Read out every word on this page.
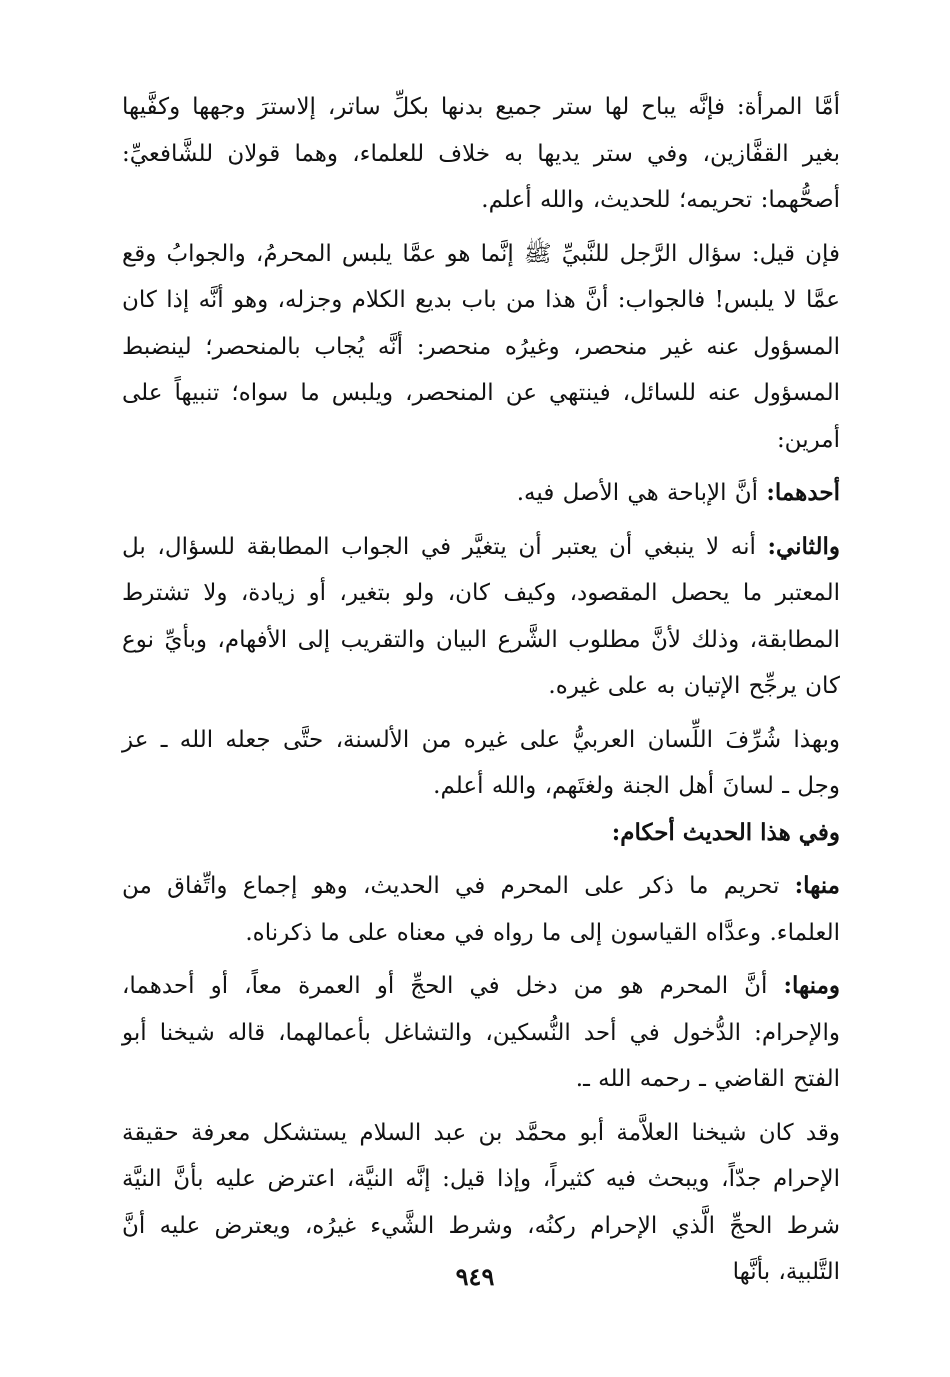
أمَّا المرأة: فإنَّه يباح لها ستر جميع بدنها بكلِّ ساتر، إلاسترَ وجهها وكفَّيها بغير القفَّازين، وفي ستر يديها به خلاف للعلماء، وهما قولان للشَّافعيِّ: أصحُّهما: تحريمه؛ للحديث، والله أعلم.

فإن قيل: سؤال الرَّجل للنَّبيِّ ﷺ إنَّما هو عمَّا يلبس المحرمُ، والجوابُ وقع عمَّا لا يلبس! فالجواب: أنَّ هذا من باب بديع الكلام وجزله، وهو أنَّه إذا كان المسؤول عنه غير منحصر، وغيرُه منحصر: أنَّه يُجاب بالمنحصر؛ لينضبط المسؤول عنه للسائل، فينتهي عن المنحصر، ويلبس ما سواه؛ تنبيهاً على أمرين:

أحدهما: أنَّ الإباحة هي الأصل فيه.

والثاني: أنه لا ينبغي أن يعتبر أن يتغيَّر في الجواب المطابقة للسؤال، بل المعتبر ما يحصل المقصود، وكيف كان، ولو بتغير، أو زيادة، ولا تشترط المطابقة، وذلك لأنَّ مطلوب الشَّرع البيان والتقريب إلى الأفهام، وبأيِّ نوع كان يرجِّح الإتيان به على غيره.

وبهذا شُرِّفَ اللِّسان العربيُّ على غيره من الألسنة، حتَّى جعله الله ـ عز وجل ـ لسانَ أهل الجنة ولغتَهم، والله أعلم.

وفي هذا الحديث أحكام:

منها: تحريم ما ذكر على المحرم في الحديث، وهو إجماع واتِّفاق من العلماء. وعدَّاه القياسون إلى ما رواه في معناه على ما ذكرناه.

ومنها: أنَّ المحرم هو من دخل في الحجِّ أو العمرة معاً، أو أحدهما، والإحرام: الدُّخول في أحد النُّسكين، والتشاغل بأعمالهما، قاله شيخنا أبو الفتح القاضي ـ رحمه الله ـ.

وقد كان شيخنا العلاَّمة أبو محمَّد بن عبد السلام يستشكل معرفة حقيقة الإحرام جدّاً، ويبحث فيه كثيراً، وإذا قيل: إنَّه النيَّة، اعترض عليه بأنَّ النيَّة شرط الحجِّ الَّذي الإحرام ركنُه، وشرط الشَّيء غيرُه، ويعترض عليه أنَّ التَّلبية، بأنَّها

٩٤٩
